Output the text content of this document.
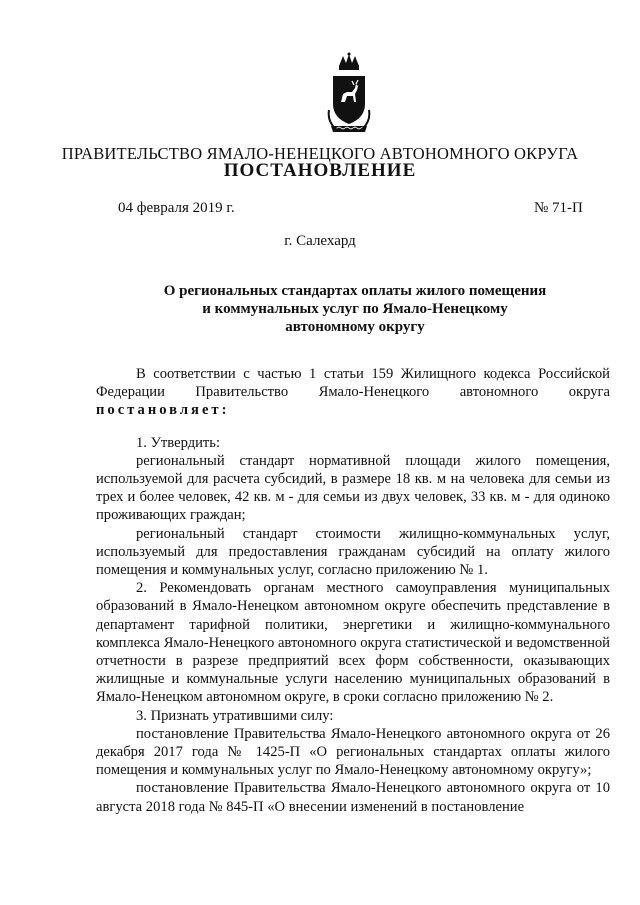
ПРАВИТЕЛЬСТВО ЯМАЛО-НЕНЕЦКОГО АВТОНОМНОГО ОКРУГА
ПОСТАНОВЛЕНИЕ
04 февраля 2019 г.	№ 71-П
г. Салехард
О региональных стандартах оплаты жилого помещения
и коммунальных услуг по Ямало-Ненецкому
автономному округу

В соответствии с частью 1 статьи 159 Жилищного кодекса Российской Федерации Правительство Ямало-Ненецкого автономного округа постановляет:

1. Утвердить:

региональный стандарт нормативной площади жилого помещения, используемой для расчета субсидий, в размере 18 кв. м на человека для семьи из трех и более человек, 42 кв. м - для семьи из двух человек, 33 кв. м - для одиноко проживающих граждан;

региональный стандарт стоимости жилищно-коммунальных услуг, используемый для предоставления гражданам субсидий на оплату жилого помещения и коммунальных услуг, согласно приложению № 1.

2. Рекомендовать органам местного самоуправления муниципальных образований в Ямало-Ненецком автономном округе обеспечить представление в департамент тарифной политики, энергетики и жилищно-коммунального комплекса Ямало-Ненецкого автономного округа статистической и ведомственной отчетности в разрезе предприятий всех форм собственности, оказывающих жилищные и коммунальные услуги населению муниципальных образований в Ямало-Ненецком автономном округе, в сроки согласно приложению № 2.

3. Признать утратившими силу:

постановление Правительства Ямало-Ненецкого автономного округа от 26 декабря 2017 года № 1425-П «О региональных стандартах оплаты жилого помещения и коммунальных услуг по Ямало-Ненецкому автономному округу»;

постановление Правительства Ямало-Ненецкого автономного округа от 10 августа 2018 года № 845-П «О внесении изменений в постановление
